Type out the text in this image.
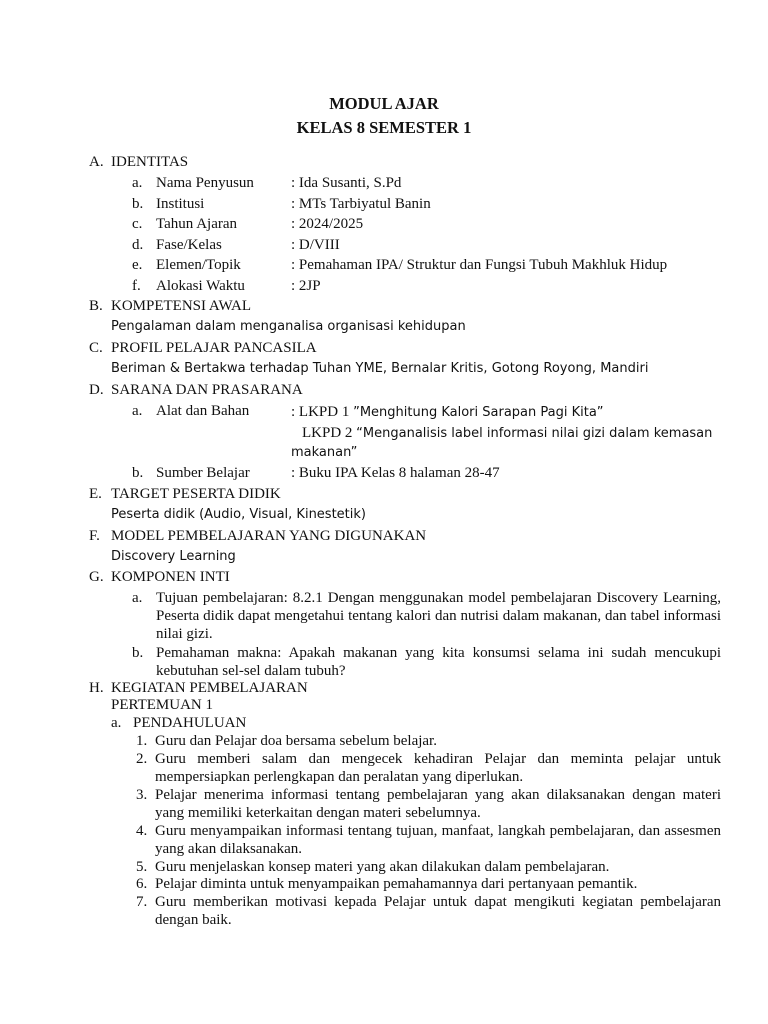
MODUL AJAR
KELAS 8 SEMESTER 1
A. IDENTITAS
a. Nama Penyusun : Ida Susanti, S.Pd
b. Institusi	: MTs Tarbiyatul Banin
c. Tahun Ajaran	: 2024/2025
d. Fase/Kelas	: D/VIII
e. Elemen/Topik	: Pemahaman IPA/ Struktur dan Fungsi Tubuh Makhluk Hidup
f. Alokasi Waktu	: 2JP
B. KOMPETENSI AWAL
Pengalaman dalam menganalisa organisasi kehidupan
C. PROFIL PELAJAR PANCASILA
Beriman & Bertakwa terhadap Tuhan YME, Bernalar Kritis, Gotong Royong, Mandiri
D. SARANA DAN PRASARANA
a. Alat dan Bahan	: LKPD 1 ”Menghitung Kalori Sarapan Pagi Kita”
LKPD 2 “Menganalisis label informasi nilai gizi dalam kemasan
makanan”
b. Sumber Belajar	: Buku IPA Kelas 8 halaman 28-47
E. TARGET PESERTA DIDIK
Peserta didik (Audio, Visual, Kinestetik)
F. MODEL PEMBELAJARAN YANG DIGUNAKAN
Discovery Learning
G. KOMPONEN INTI
a. Tujuan pembelajaran: 8.2.1 Dengan menggunakan model pembelajaran Discovery Learning, Peserta didik dapat mengetahui tentang kalori dan nutrisi dalam makanan, dan tabel informasi nilai gizi.
b. Pemahaman makna: Apakah makanan yang kita konsumsi selama ini sudah mencukupi kebutuhan sel-sel dalam tubuh?
H. KEGIATAN PEMBELAJARAN
PERTEMUAN 1
a. PENDAHULUAN
1. Guru dan Pelajar doa bersama sebelum belajar.
2. Guru memberi salam dan mengecek kehadiran Pelajar dan meminta pelajar untuk mempersiapkan perlengkapan dan peralatan yang diperlukan.
3. Pelajar menerima informasi tentang pembelajaran yang akan dilaksanakan dengan materi yang memiliki keterkaitan dengan materi sebelumnya.
4. Guru menyampaikan informasi tentang tujuan, manfaat, langkah pembelajaran, dan assesmen yang akan dilaksanakan.
5. Guru menjelaskan konsep materi yang akan dilakukan dalam pembelajaran.
6. Pelajar diminta untuk menyampaikan pemahamannya dari pertanyaan pemantik.
7. Guru memberikan motivasi kepada Pelajar untuk dapat mengikuti kegiatan pembelajaran dengan baik.
